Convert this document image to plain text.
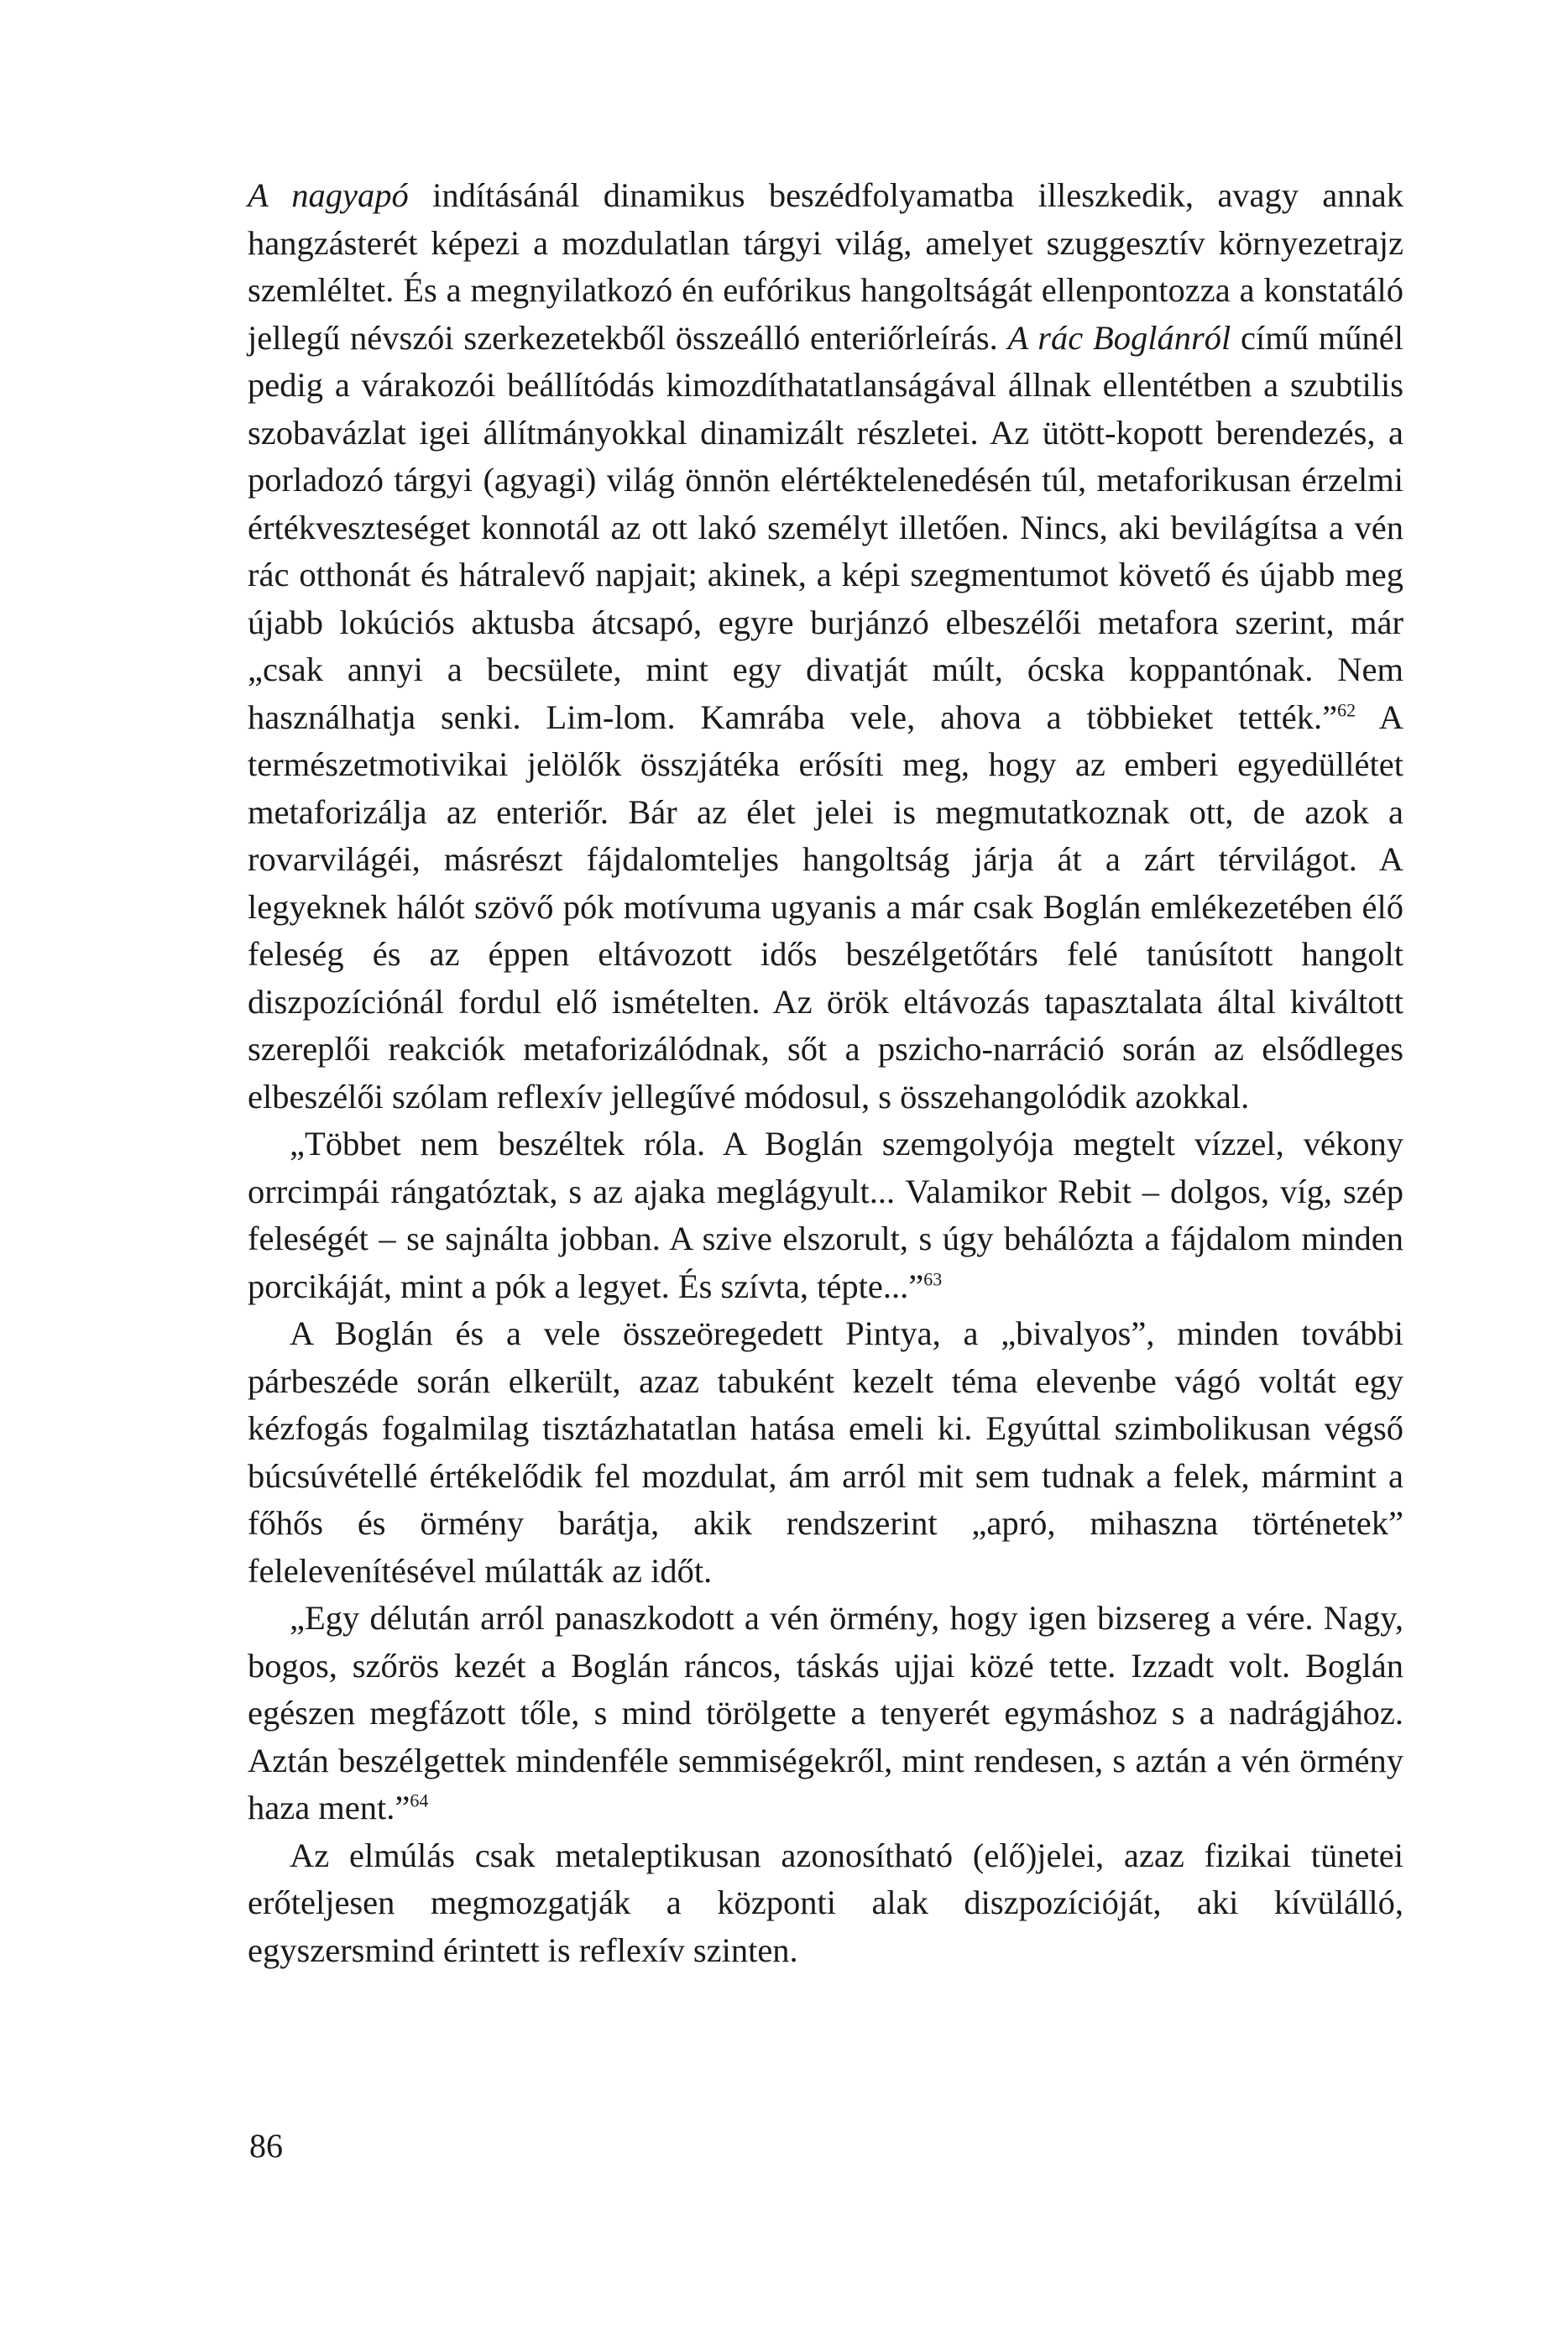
A nagyapó indításánál dinamikus beszédfolyamatba illeszkedik, avagy annak hangzásterét képezi a mozdulatlan tárgyi világ, amelyet szuggesztív környezetrajz szemléltet. És a megnyilatkozó én eufórikus hangoltságát ellenpontozza a konstatáló jellegű névszói szerkezetekből összeálló enteriőrleírás. A rác Boglánról című műnél pedig a várakozói beállítódás kimozdíthatatlanságával állnak ellentétben a szubtilis szobavázlat igei állítmányokkal dinamizált részletei. Az ütött-kopott berendezés, a porladozó tárgyi (agyagi) világ önnön elértéktelenedésén túl, metaforikusan érzelmi értékveszteséget konnotál az ott lakó személyt illetően. Nincs, aki bevilágítsa a vén rác otthonát és hátralevő napjait; akinek, a képi szegmentumot követő és újabb meg újabb lokúciós aktusba átcsapó, egyre burjánzó elbeszélői metafora szerint, már „csak annyi a becsülete, mint egy divatját múlt, ócska koppantónak. Nem használhatja senki. Lim-lom. Kamrába vele, ahova a többieket tették.”$^{62}$ A természetmotivikai jelölők összjátéka erősíti meg, hogy az emberi egyedüllétet metaforizálja az enteriőr. Bár az élet jelei is megmutatkoznak ott, de azok a rovarvilágéi, másrészt fájdalomteljes hangoltság járja át a zárt térvilágot. A legyeknek hálót szövő pók motívuma ugyanis a már csak Boglán emlékezetében élő feleség és az éppen eltávozott idős beszélgetőtárs felé tanúsított hangolt diszpozíciónál fordul elő ismételten. Az örök eltávozás tapasztalata által kiváltott szereplői reakciók metaforizálódnak, sőt a pszicho-narráció során az elsődleges elbeszélői szólam reflexív jellegűvé módosul, s összehangolódik azokkal.

„Többet nem beszéltek róla. A Boglán szemgolyója megtelt vízzel, vékony orrcimpái rángatóztak, s az ajaka meglágyult... Valamikor Rebit – dolgos, víg, szép feleségét – se sajnálta jobban. A szive elszorult, s úgy behálózta a fájdalom minden porcikáját, mint a pók a legyet. És szívta, tépte...”$^{63}$

A Boglán és a vele összeöregedett Pintya, a „bivalyos”, minden további párbeszéde során elkerült, azaz tabuként kezelt téma elevenbe vágó voltát egy kézfogás fogalmilag tisztázhatatlan hatása emeli ki. Egyúttal szimbolikusan végső búcsúvétellé értékelődik fel mozdulat, ám arról mit sem tudnak a felek, mármint a főhős és örmény barátja, akik rendszerint „apró, mihaszna történetek” felelevenítésével múlatták az időt.

„Egy délután arról panaszkodott a vén örmény, hogy igen bizsereg a vére. Nagy, bogos, szőrös kezét a Boglán ráncos, táskás ujjai közé tette. Izzadt volt. Boglán egészen megfázott tőle, s mind törölgette a tenyerét egymáshoz s a nadrágjához. Aztán beszélgettek mindenféle semmiségekről, mint rendesen, s aztán a vén örmény haza ment.”$^{64}$

Az elmúlás csak metaleptikusan azonosítható (elő)jelei, azaz fizikai tünetei erőteljesen megmozgatják a központi alak diszpozícióját, aki kívülálló, egyszersmind érintett is reflexív szinten.

86
